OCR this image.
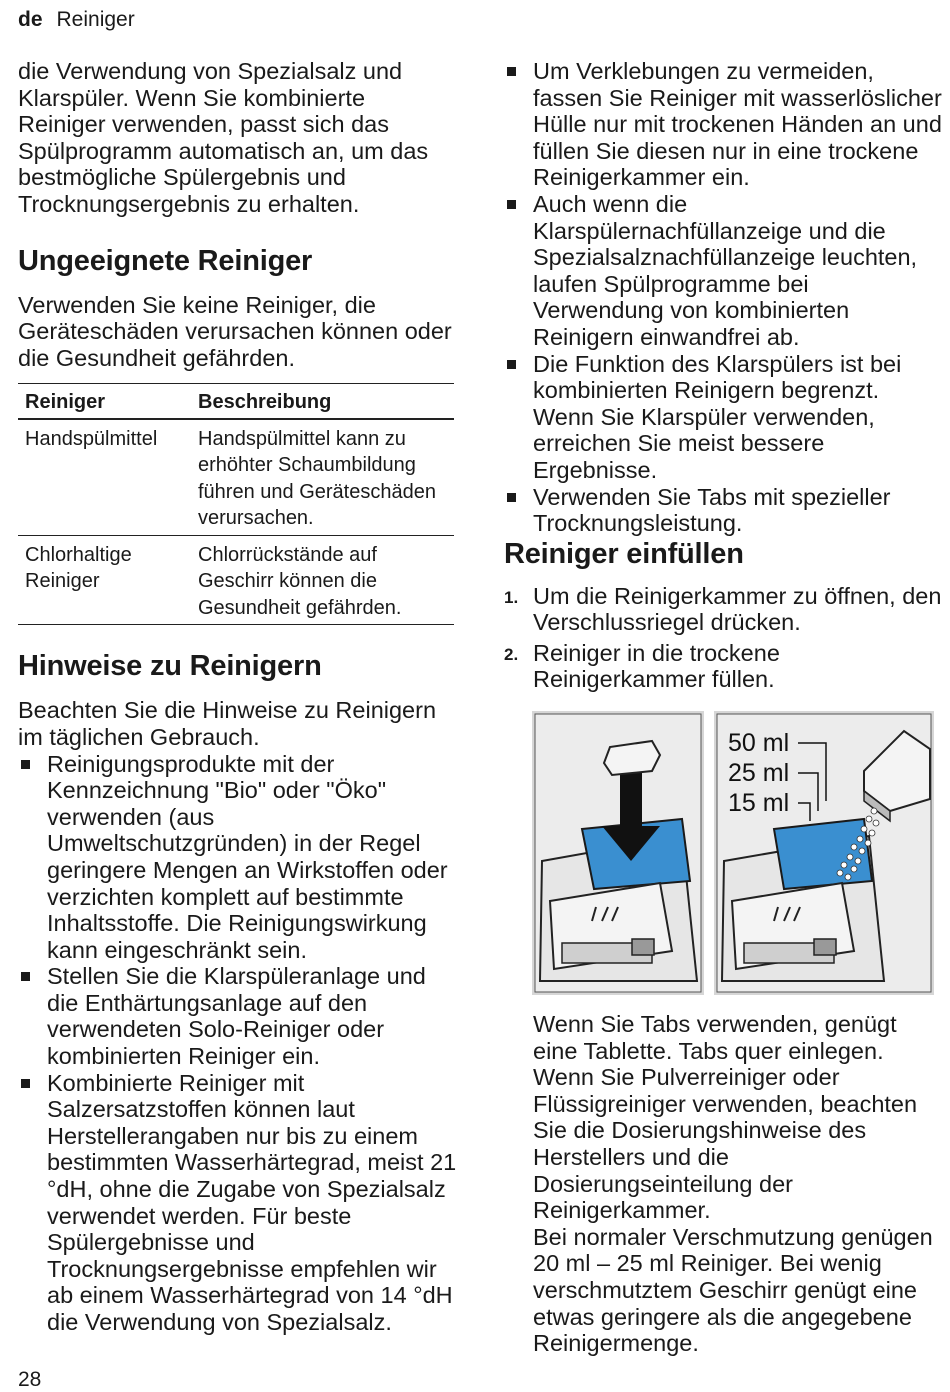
de Reiniger

die Verwendung von Spezialsalz und Klarspüler. Wenn Sie kombinierte Reiniger verwenden, passt sich das Spülprogramm automatisch an, um das bestmögliche Spülergebnis und Trocknungsergebnis zu erhalten.

Ungeeignete Reiniger

Verwenden Sie keine Reiniger, die Geräteschäden verursachen können oder die Gesundheit gefährden.

Reiniger	Beschreibung
Handspülmittel	Handspülmittel kann zu erhöhter Schaumbildung führen und Geräteschäden verursachen.
Chlorhaltige Reiniger	Chlorrückstände auf Geschirr können die Gesundheit gefährden.
Hinweise zu Reinigern

Beachten Sie die Hinweise zu Reinigern im täglichen Gebrauch.

Reinigungsprodukte mit der Kennzeichnung "Bio" oder "Öko" verwenden (aus Umweltschutzgründen) in der Regel geringere Mengen an Wirkstoffen oder verzichten komplett auf bestimmte Inhaltsstoffe. Die Reinigungswirkung kann eingeschränkt sein.
Stellen Sie die Klarspüleranlage und die Enthärtungsanlage auf den verwendeten Solo-Reiniger oder kombinierten Reiniger ein.
Kombinierte Reiniger mit Salzersatzstoffen können laut Herstellerangaben nur bis zu einem bestimmten Wasserhärtegrad, meist 21 °dH, ohne die Zugabe von Spezialsalz verwendet werden. Für beste Spülergebnisse und Trocknungsergebnisse empfehlen wir ab einem Wasserhärtegrad von 14 °dH die Verwendung von Spezialsalz.
Um Verklebungen zu vermeiden, fassen Sie Reiniger mit wasserlöslicher Hülle nur mit trockenen Händen an und füllen Sie diesen nur in eine trockene Reinigerkammer ein.
Auch wenn die Klarspülernachfüllanzeige und die Spezialsalznachfüllanzeige leuchten, laufen Spülprogramme bei Verwendung von kombinierten Reinigern einwandfrei ab.
Die Funktion des Klarspülers ist bei kombinierten Reinigern begrenzt. Wenn Sie Klarspüler verwenden, erreichen Sie meist bessere Ergebnisse.
Verwenden Sie Tabs mit spezieller Trocknungsleistung.
Reiniger einfüllen
1. Um die Reinigerkammer zu öffnen, den Verschlussriegel drücken.
2. Reiniger in die trockene Reinigerkammer füllen.
50 ml
25 ml
15 ml

Wenn Sie Tabs verwenden, genügt eine Tablette. Tabs quer einlegen. Wenn Sie Pulverreiniger oder Flüssigreiniger verwenden, beachten Sie die Dosierungshinweise des Herstellers und die Dosierungseinteilung der Reinigerkammer.

Bei normaler Verschmutzung genügen 20 ml – 25 ml Reiniger. Bei wenig verschmutztem Geschirr genügt eine etwas geringere als die angegebene Reinigermenge.

28
